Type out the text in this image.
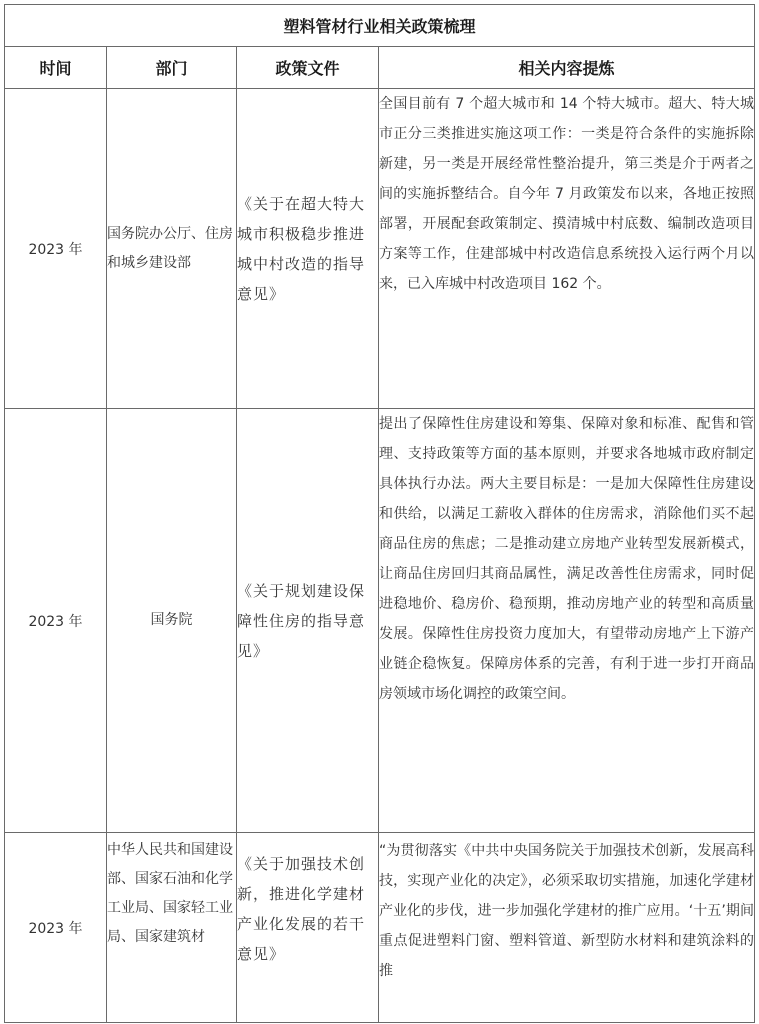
塑料管材行业相关政策梳理			
时间	部门	政策文件	相关内容提炼
2023 年	国务院办公厅、住房和城乡建设部	《关于在超大特大城市积极稳步推进城中村改造的指导意见》	全国目前有 7 个超大城市和 14 个特大城市。超大、特大城市正分三类推进实施这项工作：一类是符合条件的实施拆除新建，另一类是开展经常性整治提升，第三类是介于两者之间的实施拆整结合。自今年 7 月政策发布以来，各地正按照部署，开展配套政策制定、摸清城中村底数、编制改造项目方案等工作，住建部城中村改造信息系统投入运行两个月以来，已入库城中村改造项目 162 个。
2023 年	国务院	《关于规划建设保障性住房的指导意见》	提出了保障性住房建设和筹集、保障对象和标准、配售和管理、支持政策等方面的基本原则，并要求各地城市政府制定具体执行办法。两大主要目标是：一是加大保障性住房建设和供给，以满足工薪收入群体的住房需求，消除他们买不起商品住房的焦虑；二是推动建立房地产业转型发展新模式，让商品住房回归其商品属性，满足改善性住房需求，同时促进稳地价、稳房价、稳预期，推动房地产业的转型和高质量发展。保障性住房投资力度加大，有望带动房地产上下游产业链企稳恢复。保障房体系的完善，有利于进一步打开商品房领域市场化调控的政策空间。
2023 年	中华人民共和国建设部、国家石油和化学工业局、国家轻工业局、国家建筑材	《关于加强技术创新，推进化学建材产业化发展的若干意见》	“为贯彻落实《中共中央国务院关于加强技术创新，发展高科技，实现产业化的决定》，必须采取切实措施，加速化学建材产业化的步伐，进一步加强化学建材的推广应用。‘十五’期间重点促进塑料门窗、塑料管道、新型防水材料和建筑涂料的推
